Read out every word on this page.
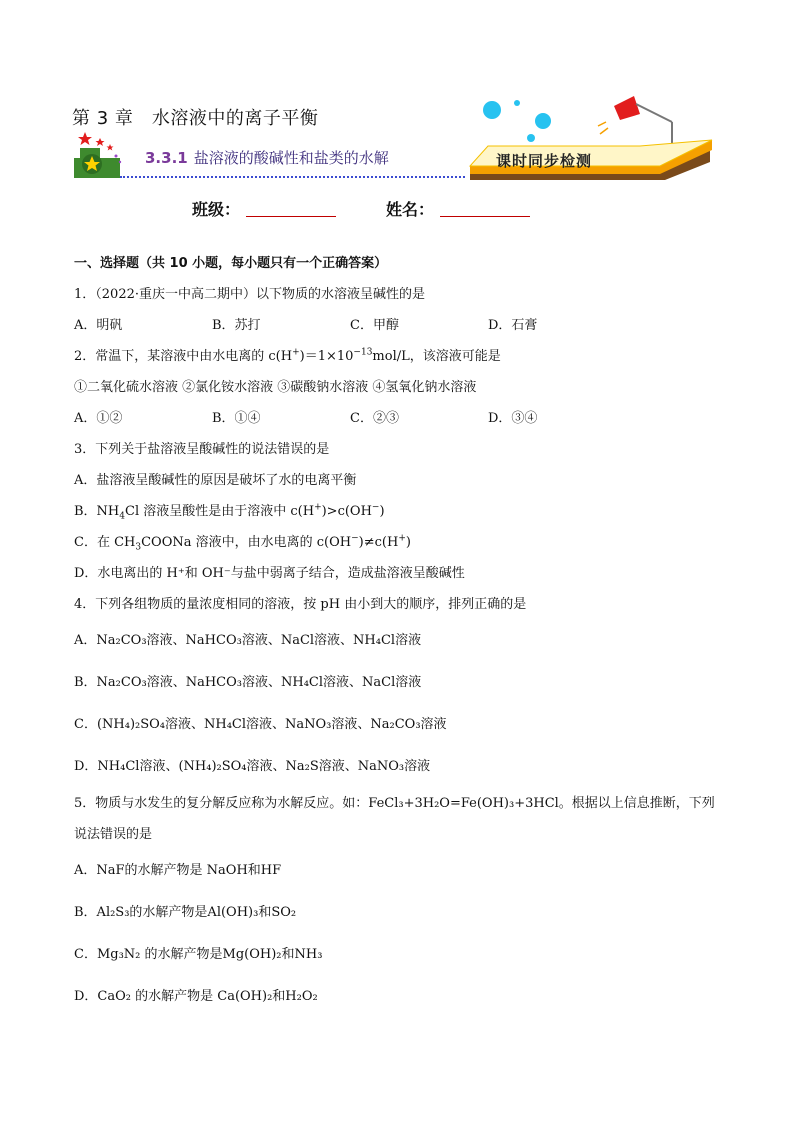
第 3 章　水溶液中的离子平衡
3.3.1 盐溶液的酸碱性和盐类的水解	课时同步检测
班级：	姓名：
一、选择题（共 10 小题，每小题只有一个正确答案）
1．（2022·重庆一中高二期中）以下物质的水溶液呈碱性的是
A．明矾	B．苏打	C．甲醇	D．石膏
2．常温下，某溶液中由水电离的 $c(H^+)=1\times 10^{-13}mol/L$，该溶液可能是
①二氧化硫水溶液 ②氯化铵水溶液 ③碳酸钠水溶液 ④氢氧化钠水溶液
A．①②	B．①④	C．②③	D．③④
3．下列关于盐溶液呈酸碱性的说法错误的是
A．盐溶液呈酸碱性的原因是破坏了水的电离平衡
B．$NH_4Cl$ 溶液呈酸性是由于溶液中 c(H+)>c(OH−)
C．在 $CH_3COONa$ 溶液中，由水电离的 c(OH−)≠c(H+)
D．水电离出的 H⁺和 OH⁻与盐中弱离子结合，造成盐溶液呈酸碱性
4．下列各组物质的量浓度相同的溶液，按 pH 由小到大的顺序，排列正确的是
A．Na₂CO₃溶液、NaHCO₃溶液、NaCl溶液、NH₄Cl溶液
B．Na₂CO₃溶液、NaHCO₃溶液、NH₄Cl溶液、NaCl溶液
C．(NH₄)₂SO₄溶液、NH₄Cl溶液、NaNO₃溶液、Na₂CO₃溶液
D．NH₄Cl溶液、(NH₄)₂SO₄溶液、Na₂S溶液、NaNO₃溶液
5．物质与水发生的复分解反应称为水解反应。如：FeCl₃+3H₂O=Fe(OH)₃+3HCl。根据以上信息推断，下列
说法错误的是
A．NaF的水解产物是 NaOH和HF
B．Al₂S₃的水解产物是Al(OH)₃和SO₂
C．Mg₃N₂ 的水解产物是Mg(OH)₂和NH₃
D．CaO₂ 的水解产物是 Ca(OH)₂和H₂O₂
